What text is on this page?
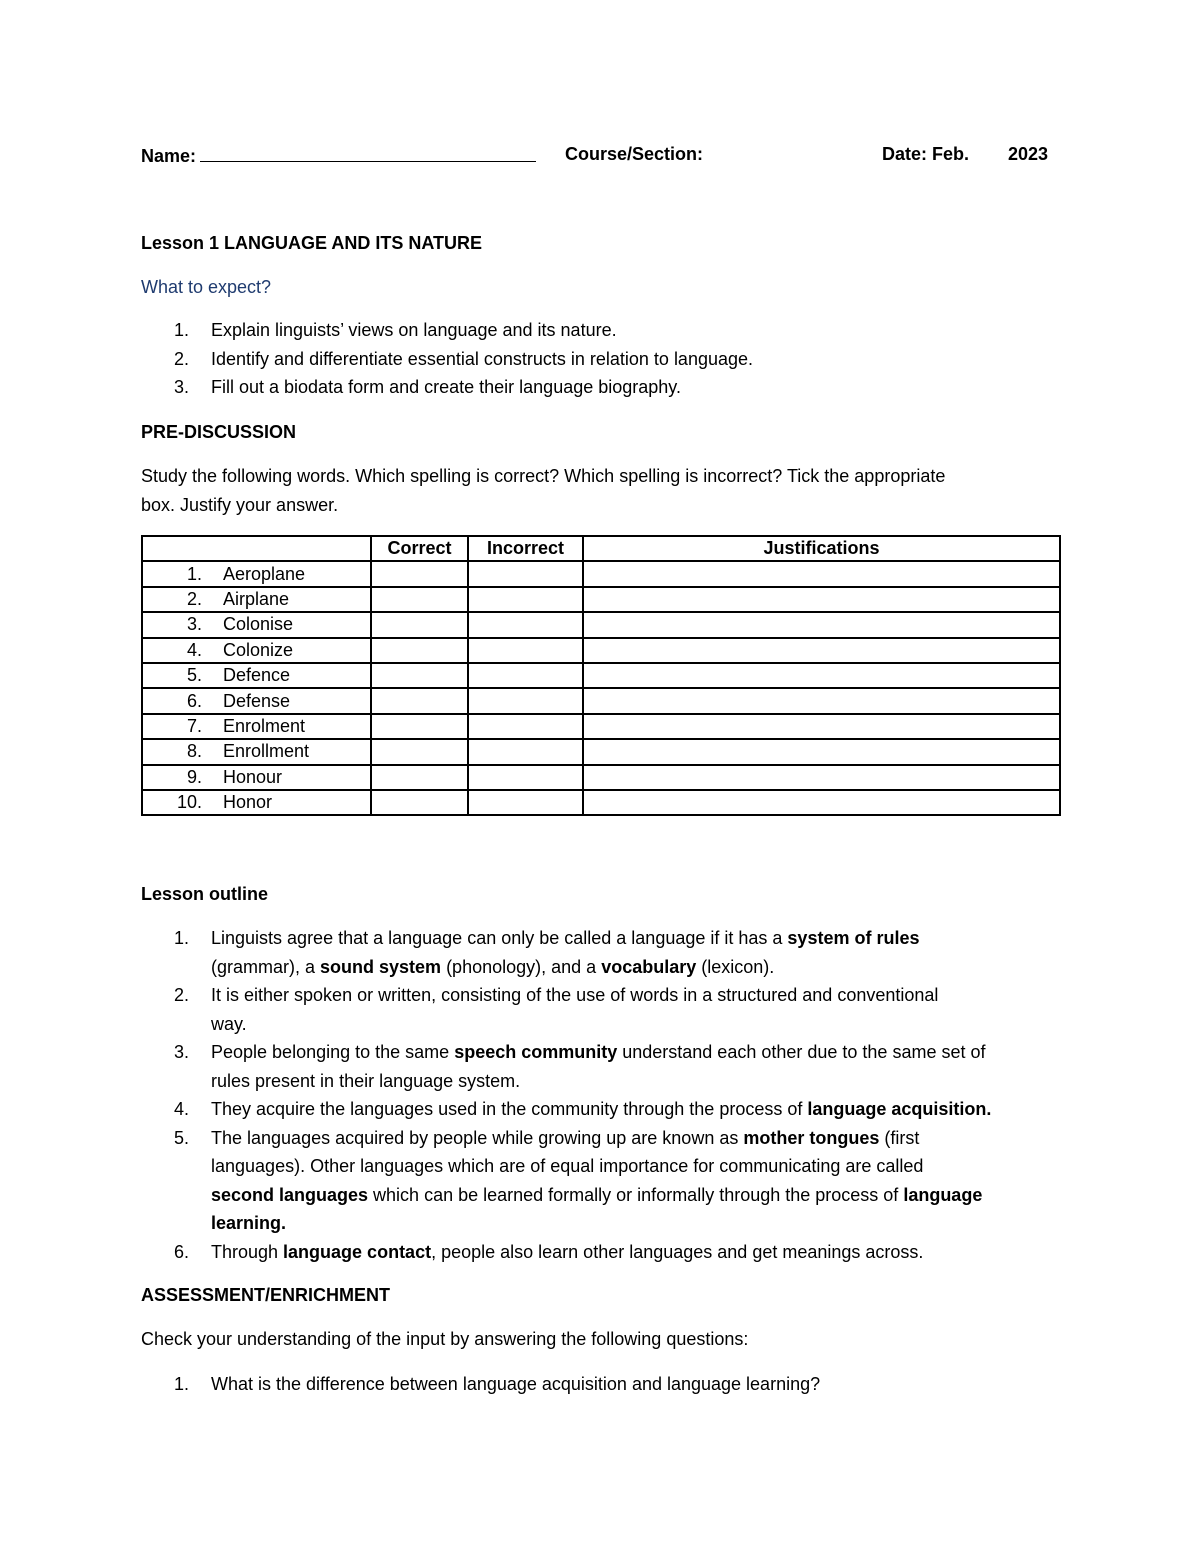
Name:	Course/Section:	Date: Feb. 2023
Lesson 1 LANGUAGE AND ITS NATURE
What to expect?
1.	Explain linguists’ views on language and its nature.
2.	Identify and differentiate essential constructs in relation to language.
3.	Fill out a biodata form and create their language biography.
PRE-DISCUSSION
Study the following words. Which spelling is correct? Which spelling is incorrect? Tick the appropriate
box. Justify your answer.
	Correct	Incorrect	Justifications
1. Aeroplane			
2. Airplane			
3. Colonise			
4. Colonize			
5. Defence			
6. Defense			
7. Enrolment			
8. Enrollment			
9. Honour			
10. Honor			
Lesson outline
1.	Linguists agree that a language can only be called a language if it has a system of rules
(grammar), a sound system (phonology), and a vocabulary (lexicon).
2.	It is either spoken or written, consisting of the use of words in a structured and conventional
way.
3.	People belonging to the same speech community understand each other due to the same set of
rules present in their language system.
4.	They acquire the languages used in the community through the process of language acquisition.
5.	The languages acquired by people while growing up are known as mother tongues (first
languages). Other languages which are of equal importance for communicating are called
second languages which can be learned formally or informally through the process of language
learning.
6.	Through language contact, people also learn other languages and get meanings across.
ASSESSMENT/ENRICHMENT
Check your understanding of the input by answering the following questions:
1.	What is the difference between language acquisition and language learning?
